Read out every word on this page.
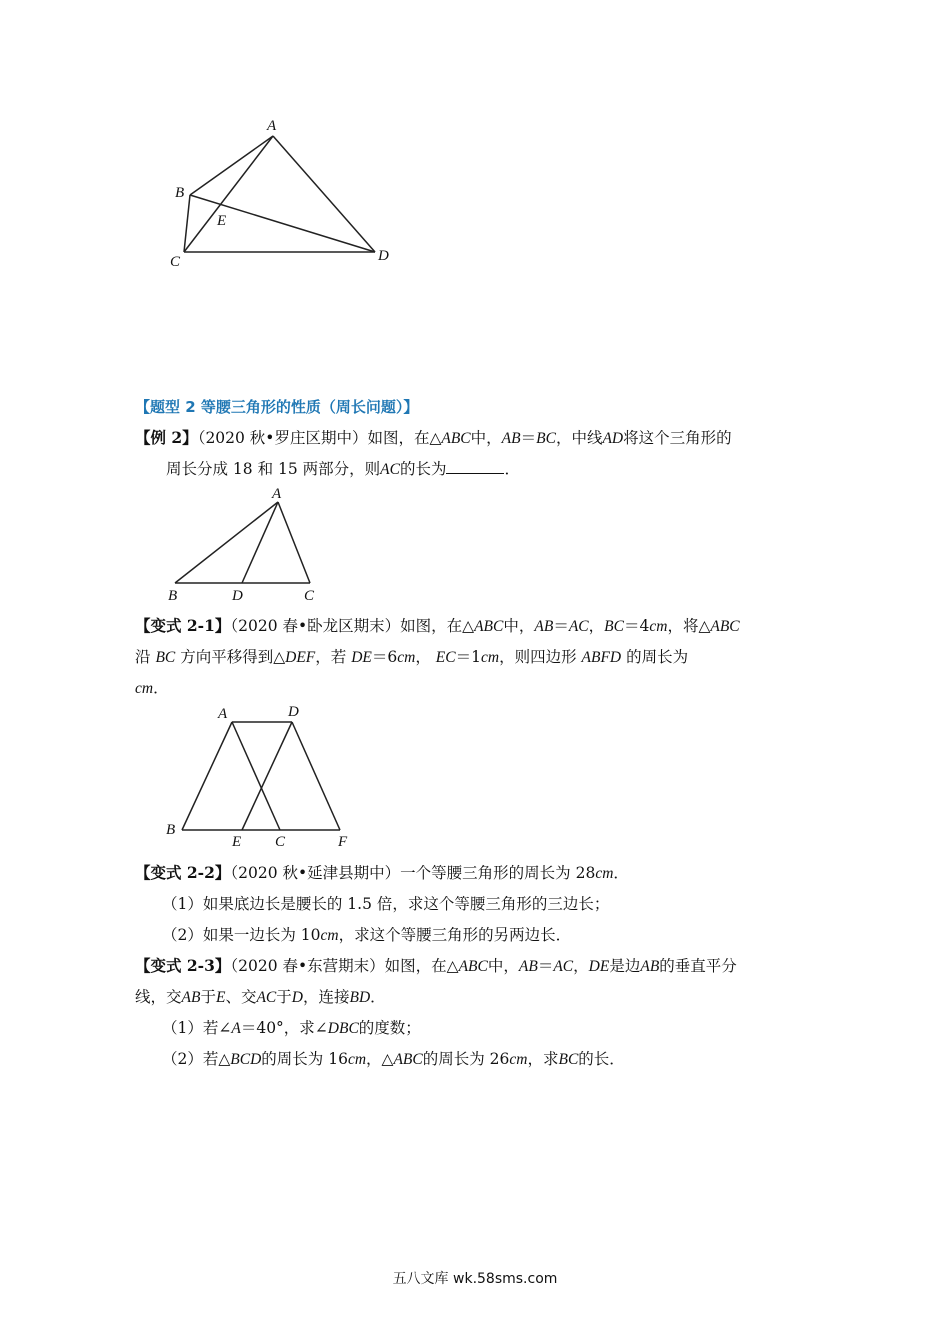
A
B
E
C	D
【题型 2 等腰三角形的性质（周长问题）】
【例 2】（2020 秋•罗庄区期中）如图，在△ABC中，AB＝BC，中线AD将这个三角形的
周长分成 18 和 15 两部分，则AC的长为	．
A
B	D	C
【变式 2-1】（2020 春•卧龙区期末）如图，在△ABC中，AB＝AC，BC＝4cm，将△ABC
沿 BC 方向平移得到△DEF，若 DE＝6cm， EC＝1cm，则四边形 ABFD 的周长为
cm．
A	D
B
E C	F
【变式 2-2】（2020 秋•延津县期中）一个等腰三角形的周长为 28cm．
（1）如果底边长是腰长的 1.5 倍，求这个等腰三角形的三边长；
（2）如果一边长为 10cm，求这个等腰三角形的另两边长．
【变式 2-3】（2020 春•东营期末）如图，在△ABC中，AB＝AC，DE是边AB的垂直平分
线，交AB于E、交AC于D，连接BD．
（1）若∠A＝40°，求∠DBC的度数；
（2）若△BCD的周长为 16cm，△ABC的周长为 26cm，求BC的长．
五八文库 wk.58sms.com
